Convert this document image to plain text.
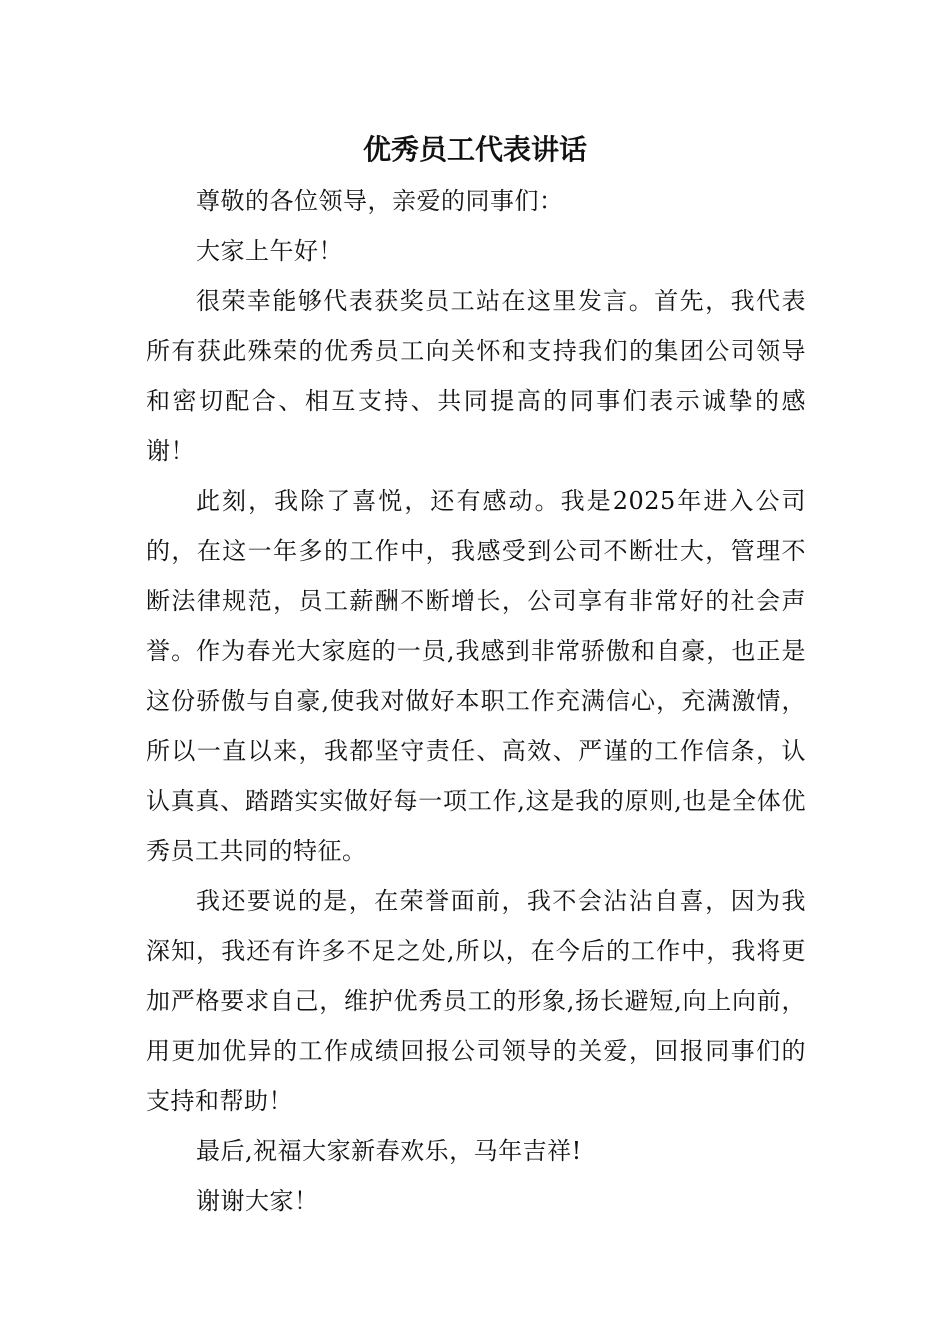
优秀员工代表讲话

尊敬的各位领导，亲爱的同事们：

大家上午好！

很荣幸能够代表获奖员工站在这里发言。首先，我代表所有获此殊荣的优秀员工向关怀和支持我们的集团公司领导和密切配合、相互支持、共同提高的同事们表示诚挚的感谢！

此刻，我除了喜悦，还有感动。我是2025年进入公司的，在这一年多的工作中，我感受到公司不断壮大，管理不断法律规范，员工薪酬不断增长，公司享有非常好的社会声誉。作为春光大家庭的一员,我感到非常骄傲和自豪，也正是这份骄傲与自豪,使我对做好本职工作充满信心，充满激情，所以一直以来，我都坚守责任、高效、严谨的工作信条，认认真真、踏踏实实做好每一项工作,这是我的原则,也是全体优秀员工共同的特征。

我还要说的是，在荣誉面前，我不会沾沾自喜，因为我深知，我还有许多不足之处,所以，在今后的工作中，我将更加严格要求自己，维护优秀员工的形象,扬长避短,向上向前，用更加优异的工作成绩回报公司领导的关爱，回报同事们的支持和帮助！

最后,祝福大家新春欢乐，马年吉祥!

谢谢大家！
